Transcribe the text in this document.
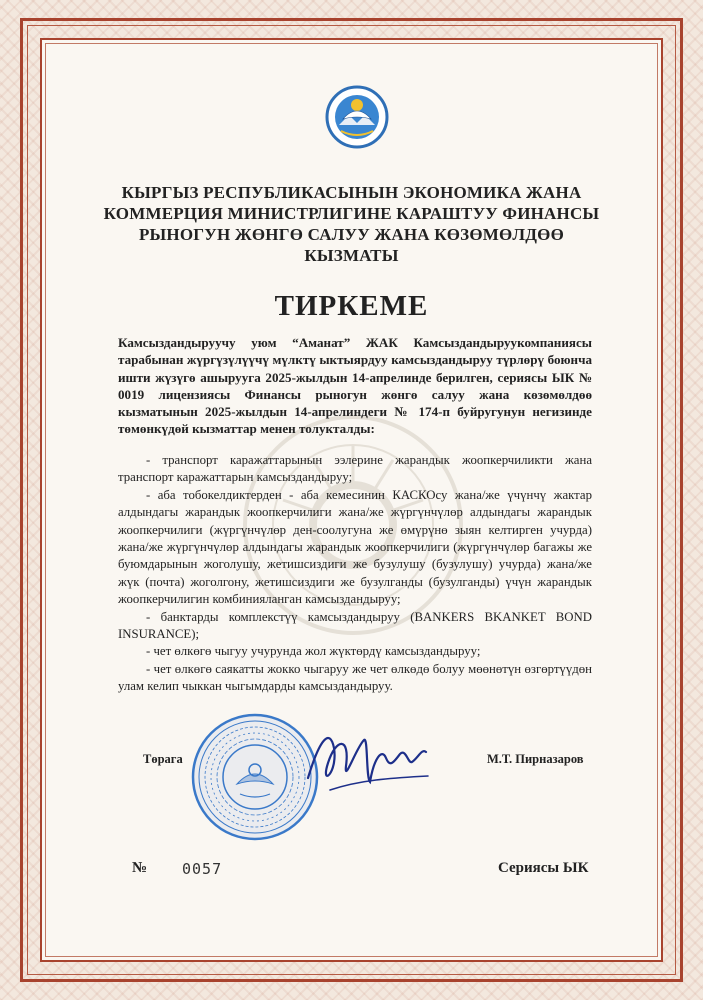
КЫРГЫЗ РЕСПУБЛИКАСЫНЫН ЭКОНОМИКА ЖАНА
КОММЕРЦИЯ МИНИСТРЛИГИНЕ КАРАШТУУ ФИНАНСЫ
РЫНОГУН ЖӨНГӨ САЛУУ ЖАНА КӨЗӨМӨЛДӨӨ
КЫЗМАТЫ
ТИРКЕМЕ
Камсыздандыруучу уюм “Аманат” ЖАК Камсыздандыруукомпаниясы тарабынан жүргүзүлүүчү мүлктү ыктыярдуу камсыздандыруу түрлөрү боюнча ишти жүзүгө ашырууга 2025-жылдын 14-апрелинде берилген, сериясы ЫК № 0019 лицензиясы Финансы рыногун жөнгө салуу жана көзөмөлдөө кызматынын 2025-жылдын 14-апрелиндеги № 174-п буйругунун негизинде төмөнкүдөй кызматтар менен толукталды:

- транспорт каражаттарынын ээлерине жарандык жоопкерчиликти жана транспорт каражаттарын камсыздандыруу;

- аба тобокелдиктерден - аба кемесинин КАСКОсу жана/же үчүнчү жактар алдындагы жарандык жоопкерчилиги жана/же жүргүнчүлөр алдындагы жарандык жоопкерчилиги (жүргүнчүлөр ден-соолугуна же өмүрүнө зыян келтирген учурда) жана/же жүргүнчүлөр алдындагы жарандык жоопкерчилиги (жүргүнчүлөр багажы же буюмдарынын жоголушу, жетишсиздиги же бузулушу (бузулушу) учурда) жана/же жүк (почта) жоголгону, жетишсиздиги же бузулганды (бузулганды) үчүн жарандык жоопкерчилигин комбинияланган камсыздандыруу;

- банктарды комплекстүү камсыздандыруу (BANKERS BKANKET BOND INSURANCE);

- чет өлкөгө чыгуу учурунда жол жүктөрдү камсыздандыруу;

- чет өлкөгө саякатты жокко чыгаруу же чет өлкөдө болуу мөөнөтүн өзгөртүүдөн улам келип чыккан чыгымдарды камсыздандыруу.

Төрага	М.Т. Пирназаров
№ 0057	Сериясы ЫК
